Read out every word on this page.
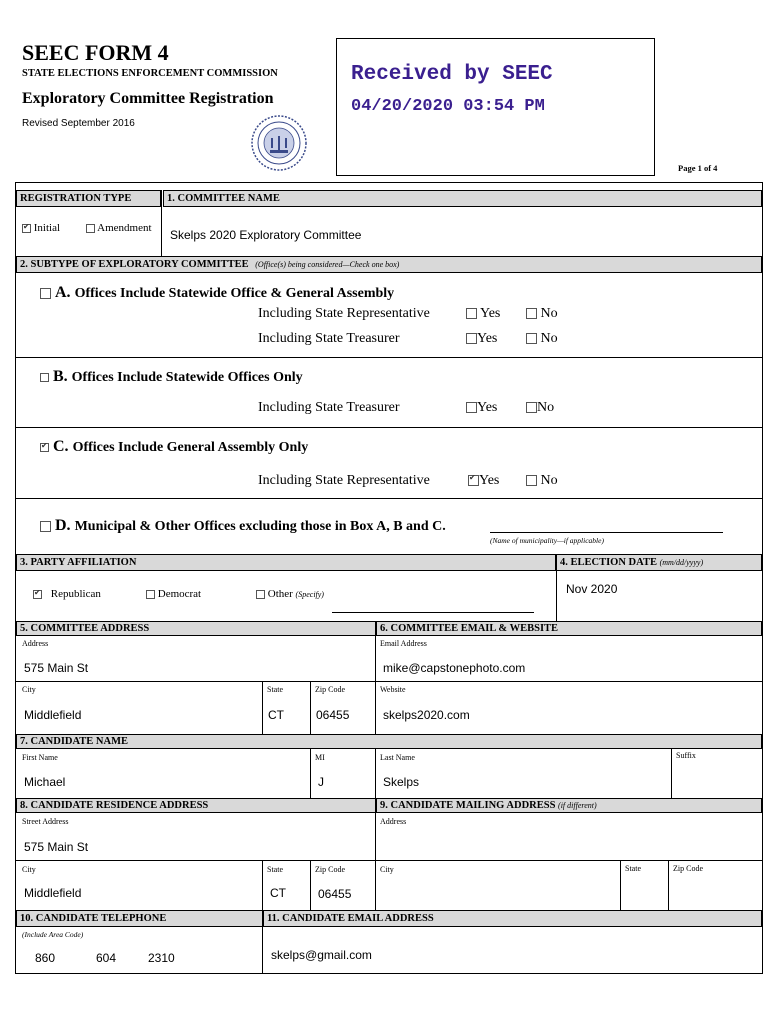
SEEC FORM 4
STATE ELECTIONS ENFORCEMENT COMMISSION
Exploratory Committee Registration
Revised September 2016
Received by SEEC
04/20/2020 03:54 PM
Page 1 of 4
REGISTRATION TYPE	1. COMMITTEE NAME
✔ Initial	Amendment Skelps 2020 Exploratory Committee
2. SUBTYPE OF EXPLORATORY COMMITTEE (Office(s) being considered—Check one box)
A. Offices Include Statewide Office & General Assembly
Including State Representative	Yes	No
Including State Treasurer	Yes	No
B. Offices Include Statewide Offices Only
Including State Treasurer	Yes	No
✔ C. Offices Include General Assembly Only
Including State Representative
✔	Yes	No
D. Municipal & Other Offices excluding those in Box A, B and C.
(Name of municipality—if applicable)
3. PARTY AFFILIATION	4. ELECTION DATE (mm/dd/yyyy)
✔ Republican	Democrat	Other (Specify)	Nov 2020
5. COMMITTEE ADDRESS	6. COMMITTEE EMAIL & WEBSITE
Address
575 Main St
Email Address
mike@capstonephoto.com
City	State	Zip Code	Website
Middlefield	CT	06455	skelps2020.com
7. CANDIDATE NAME
First Name	MI	Last Name	Suffix
Michael	J	Skelps
8. CANDIDATE RESIDENCE ADDRESS	9. CANDIDATE MAILING ADDRESS (if different)
Street Address	Address
575 Main St
City	State	Zip Code	City	State	Zip Code
Middlefield	CT	06455
10. CANDIDATE TELEPHONE	11. CANDIDATE EMAIL ADDRESS
(Include Area Code)
860	604	2310	skelps@gmail.com
